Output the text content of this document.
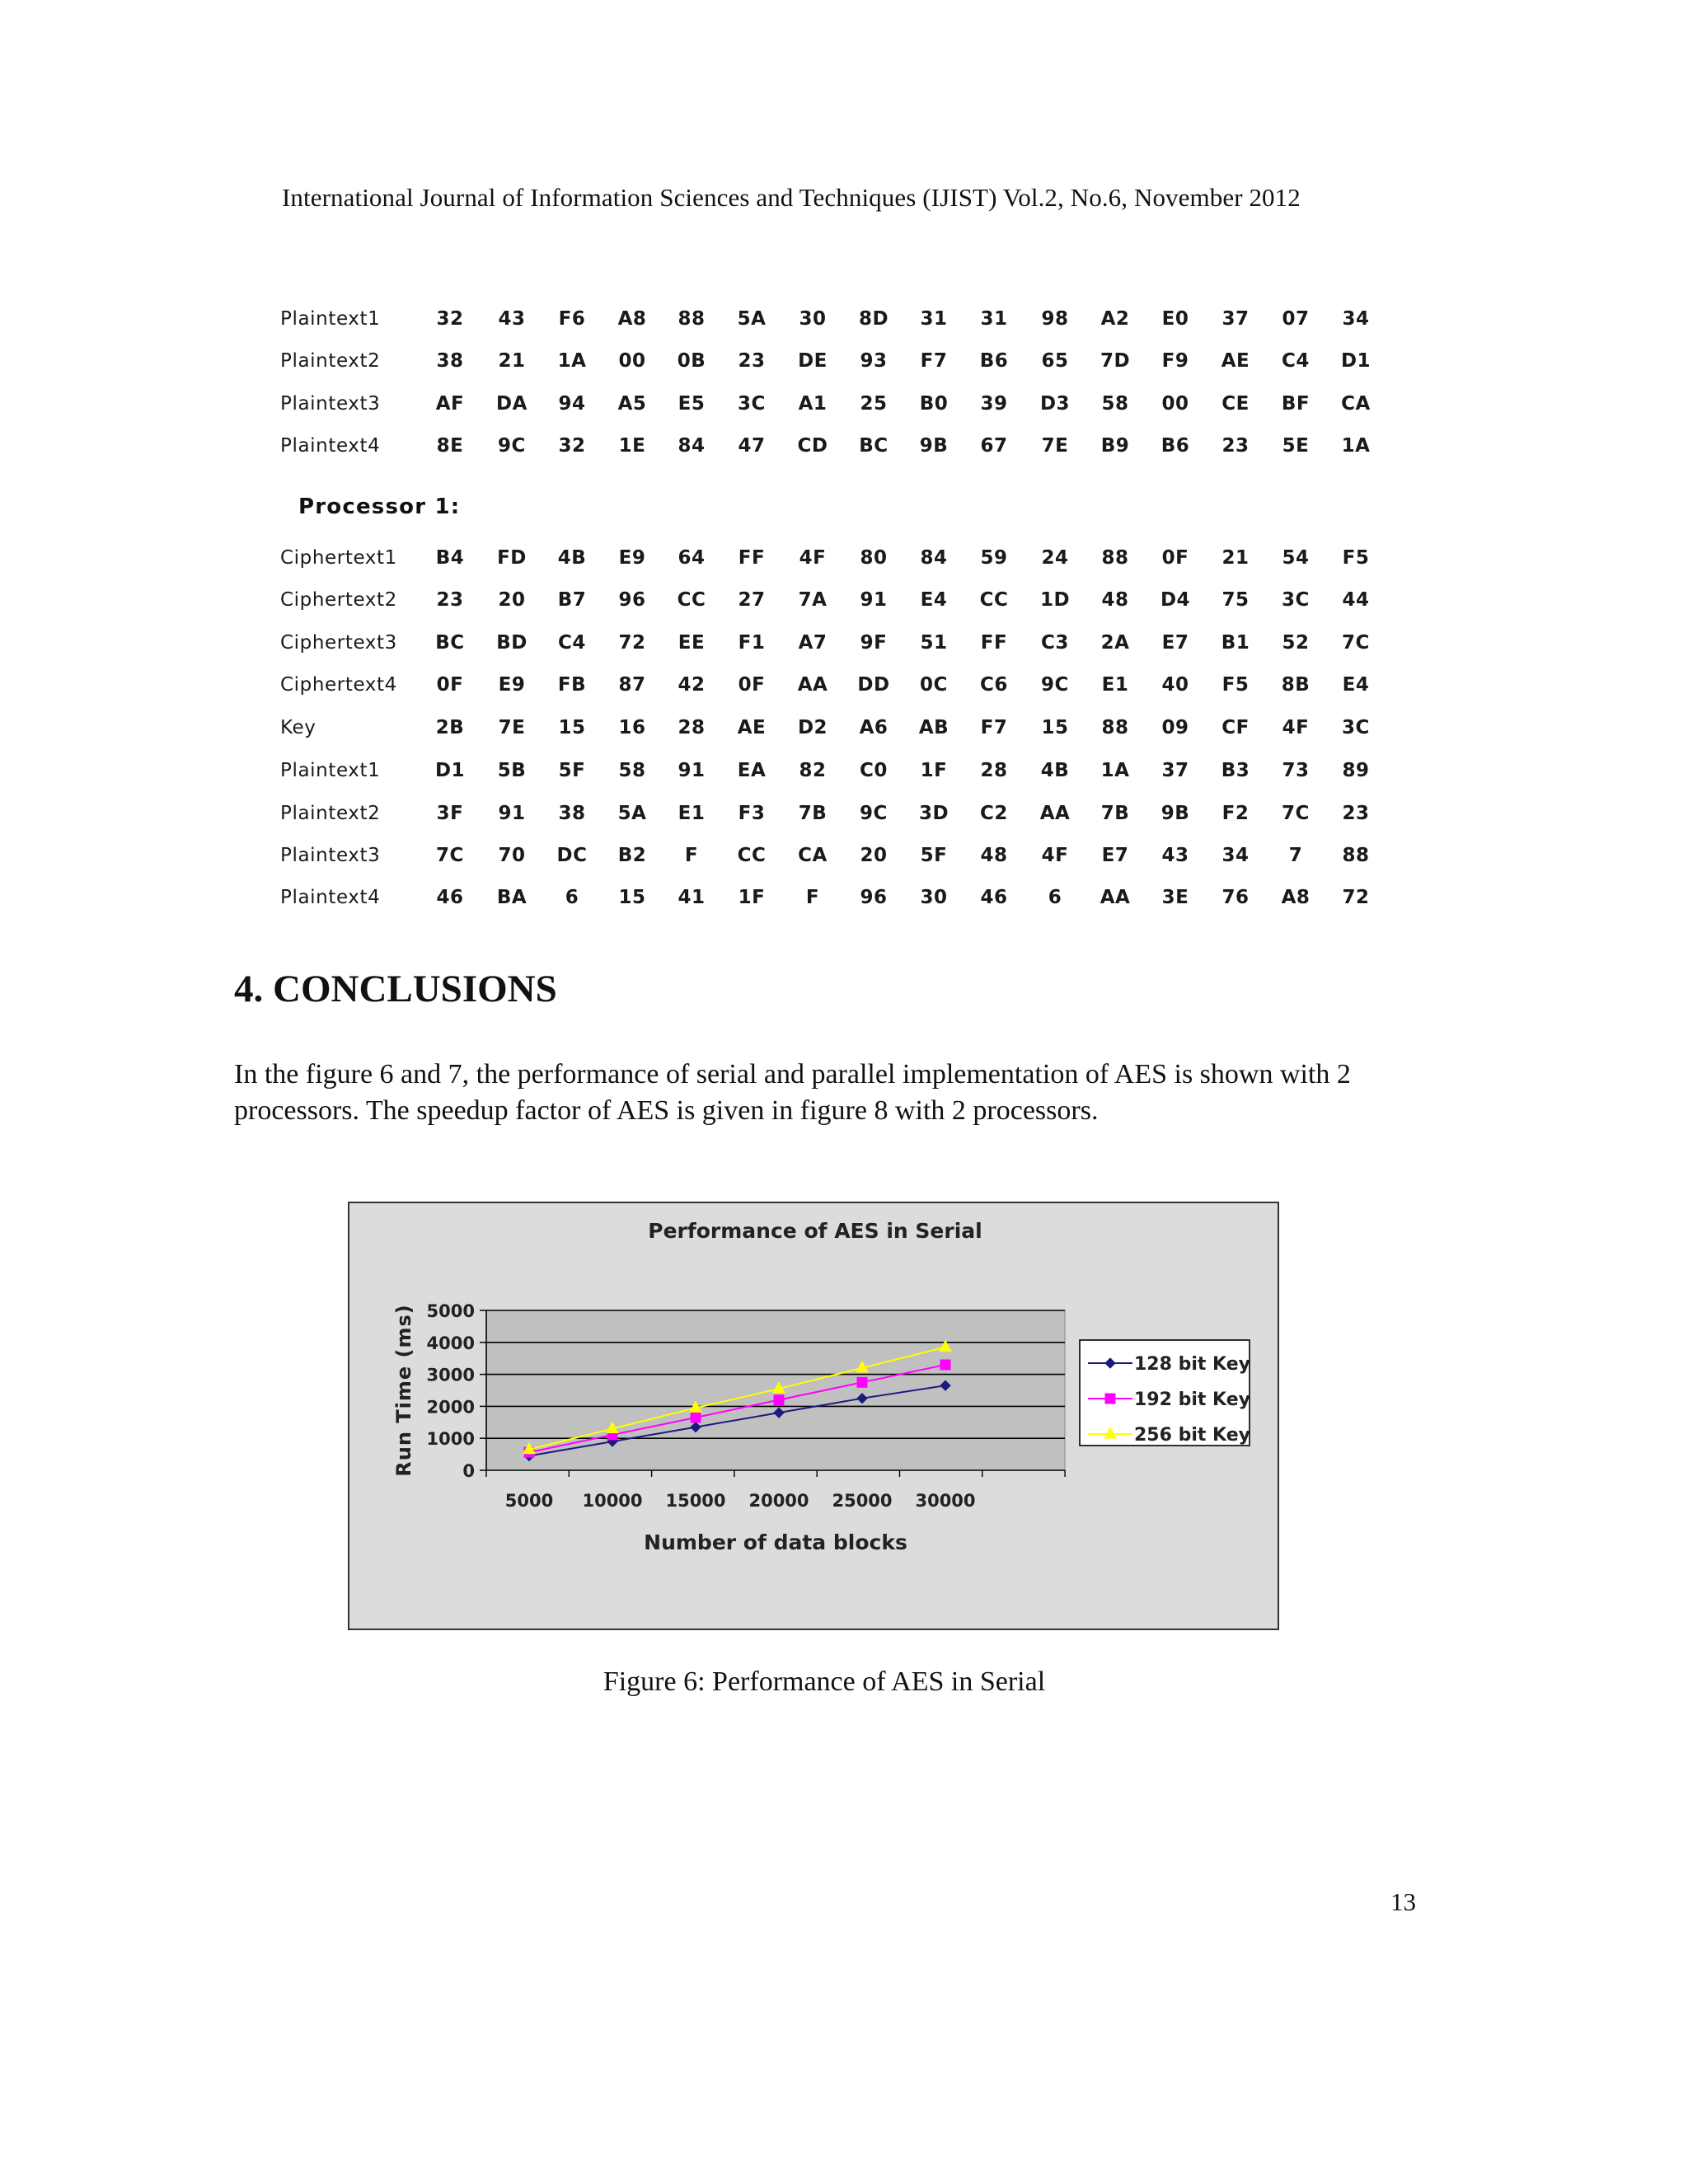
International Journal of Information Sciences and Techniques (IJIST) Vol.2, No.6, November 2012
Plaintext1	32	43	F6	A8	88	5A	30	8D	31	31	98	A2	E0	37	07	34
Plaintext2	38	21	1A	00	0B	23	DE	93	F7	B6	65	7D	F9	AE	C4	D1
Plaintext3	AF	DA	94	A5	E5	3C	A1	25	B0	39	D3	58	00	CE	BF	CA
Plaintext4	8E	9C	32	1E	84	47	CD	BC	9B	67	7E	B9	B6	23	5E	1A
Ciphertext1	B4	FD	4B	E9	64	FF	4F	80	84	59	24	88	0F	21	54	F5
Ciphertext2	23	20	B7	96	CC	27	7A	91	E4	CC	1D	48	D4	75	3C	44
Ciphertext3	BC	BD	C4	72	EE	F1	A7	9F	51	FF	C3	2A	E7	B1	52	7C
Ciphertext4	0F	E9	FB	87	42	0F	AA	DD	0C	C6	9C	E1	40	F5	8B	E4
Key	2B	7E	15	16	28	AE	D2	A6	AB	F7	15	88	09	CF	4F	3C
Plaintext1	D1	5B	5F	58	91	EA	82	C0	1F	28	4B	1A	37	B3	73	89
Plaintext2	3F	91	38	5A	E1	F3	7B	9C	3D	C2	AA	7B	9B	F2	7C	23
Plaintext3	7C	70	DC	B2	F	CC	CA	20	5F	48	4F	E7	43	34	7	88
Plaintext4	46	BA	6	15	41	1F	F	96	30	46	6	AA	3E	76	A8	72
Processor 1:
4. CONCLUSIONS

In the figure 6 and 7, the performance of serial and parallel implementation of AES is shown with 2 processors. The speedup factor of AES is given in figure 8 with 2 processors.

Performance of AES in Serial
0
1000
2000
3000
4000
5000
5000 10000 15000 20000 25000 30000
Number of data blocks
Run Time (ms)	128 bit Key
192 bit Key
256 bit Key
Figure 6: Performance of AES in Serial
13
